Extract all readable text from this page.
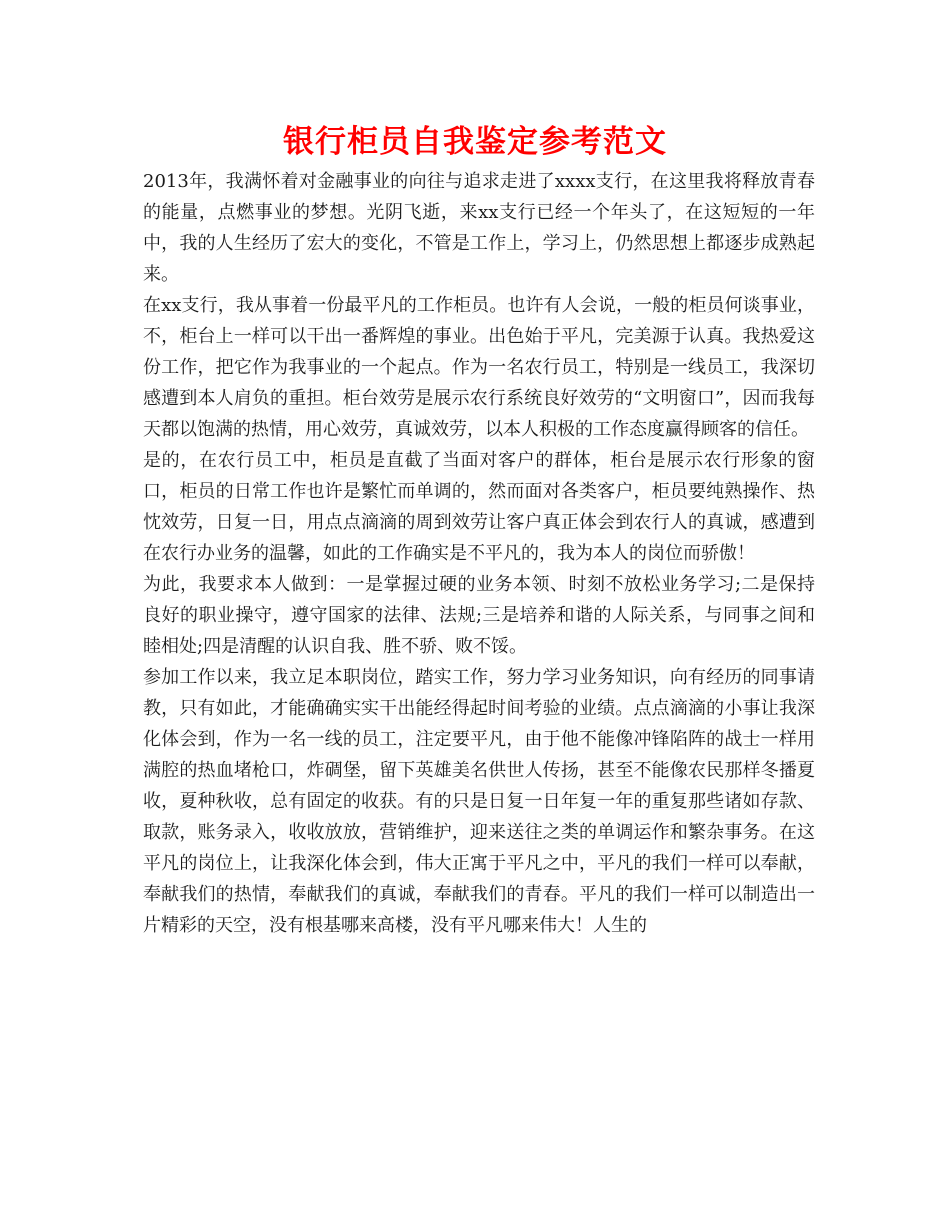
银行柜员自我鉴定参考范文

2013年，我满怀着对金融事业的向往与追求走进了xxxx支行，在这里我将释放青春的能量，点燃事业的梦想。光阴飞逝，来xx支行已经一个年头了，在这短短的一年中，我的人生经历了宏大的变化，不管是工作上，学习上，仍然思想上都逐步成熟起来。

在xx支行，我从事着一份最平凡的工作柜员。也许有人会说，一般的柜员何谈事业，不，柜台上一样可以干出一番辉煌的事业。出色始于平凡，完美源于认真。我热爱这份工作，把它作为我事业的一个起点。作为一名农行员工，特别是一线员工，我深切感遭到本人肩负的重担。柜台效劳是展示农行系统良好效劳的“文明窗口”，因而我每天都以饱满的热情，用心效劳，真诚效劳，以本人积极的工作态度赢得顾客的信任。

是的，在农行员工中，柜员是直截了当面对客户的群体，柜台是展示农行形象的窗口，柜员的日常工作也许是繁忙而单调的，然而面对各类客户，柜员要纯熟操作、热忱效劳，日复一日，用点点滴滴的周到效劳让客户真正体会到农行人的真诚，感遭到在农行办业务的温馨，如此的工作确实是不平凡的，我为本人的岗位而骄傲！

为此，我要求本人做到：一是掌握过硬的业务本领、时刻不放松业务学习;二是保持良好的职业操守，遵守国家的法律、法规;三是培养和谐的人际关系，与同事之间和睦相处;四是清醒的认识自我、胜不骄、败不馁。

参加工作以来，我立足本职岗位，踏实工作，努力学习业务知识，向有经历的同事请教，只有如此，才能确确实实干出能经得起时间考验的业绩。点点滴滴的小事让我深化体会到，作为一名一线的员工，注定要平凡，由于他不能像冲锋陷阵的战士一样用满腔的热血堵枪口，炸碉堡，留下英雄美名供世人传扬，甚至不能像农民那样冬播夏收，夏种秋收，总有固定的收获。有的只是日复一日年复一年的重复那些诸如存款、取款，账务录入，收收放放，营销维护，迎来送往之类的单调运作和繁杂事务。在这平凡的岗位上，让我深化体会到，伟大正寓于平凡之中，平凡的我们一样可以奉献，奉献我们的热情，奉献我们的真诚，奉献我们的青春。平凡的我们一样可以制造出一片精彩的天空，没有根基哪来高楼，没有平凡哪来伟大！人生的
